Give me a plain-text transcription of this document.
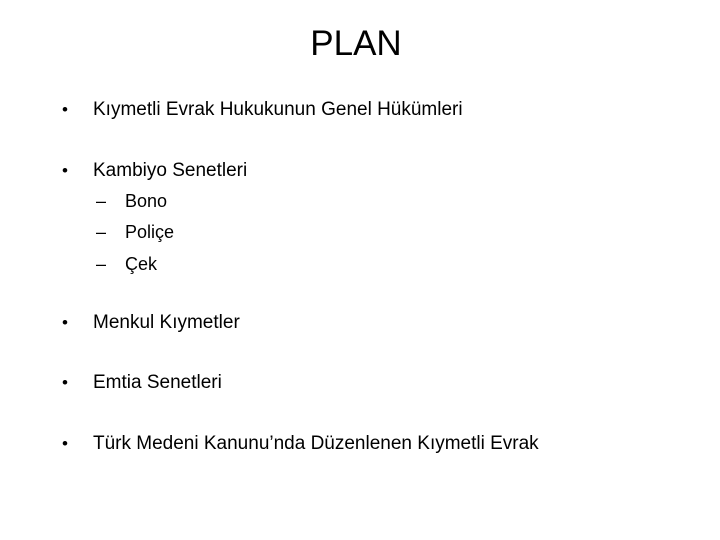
PLAN
• Kıymetli Evrak Hukukunun Genel Hükümleri
• Kambiyo Senetleri
– Bono
– Poliçe
– Çek
• Menkul Kıymetler
• Emtia Senetleri
• Türk Medeni Kanunu’nda Düzenlenen Kıymetli Evrak
